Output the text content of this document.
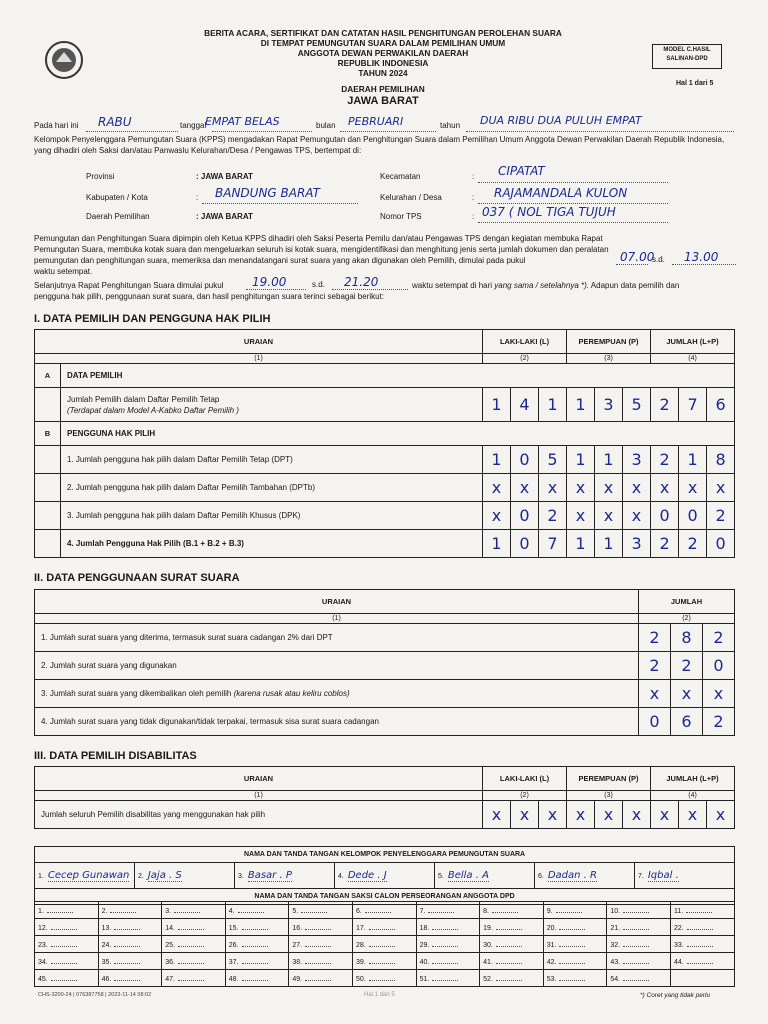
BERITA ACARA, SERTIFIKAT DAN CATATAN HASIL PENGHITUNGAN PEROLEHAN SUARA
DI TEMPAT PEMUNGUTAN SUARA DALAM PEMILIHAN UMUM
ANGGOTA DEWAN PERWAKILAN DAERAH
REPUBLIK INDONESIA
TAHUN 2024
MODEL C.HASIL
SALINAN-DPD
Hal 1 dari 5
DAERAH PEMILIHAN
JAWA BARAT
Pada hari ini RABU	tanggal
EMPAT BELAS	bulan PEBRUARI	tahun DUA RIBU DUA PULUH EMPAT
Kelompok Penyelenggara Pemungutan Suara (KPPS) mengadakan Rapat Pemungutan dan Penghitungan Suara dalam Pemilihan Umum Anggota Dewan Perwakilan Daerah Republik Indonesia, yang dihadiri oleh Saksi dan/atau Panwaslu Kelurahan/Desa / Pengawas TPS, bertempat di:
Provinsi	: JAWA BARAT
Kabupaten / Kota	: BANDUNG BARAT
Daerah Pemilihan	: JAWA BARAT
Kecamatan	: CIPATAT
Kelurahan / Desa	: RAJAMANDALA KULON
Nomor TPS	: 037 ( NOL TIGA TUJUH
Pemungutan dan Penghitungan Suara dipimpin oleh Ketua KPPS dihadiri oleh Saksi Peserta Pemilu dan/atau Pengawas TPS dengan kegiatan membuka Rapat
Pemungutan Suara, membuka kotak suara dan mengeluarkan seluruh isi kotak suara, mengidentifikasi dan menghitung jenis serta jumlah dokumen dan peralatan
pemungutan dan penghitungan suara, memeriksa dan menandatangani surat suara yang akan digunakan oleh Pemilih, dimulai pada pukul	07.00
s.d. 13.00
waktu setempat.
Selanjutnya Rapat Penghitungan Suara dimulai pukul 19.00	s.d. 21.20	waktu setempat di hari yang sama / setelahnya *). Adapun data pemilih dan
pengguna hak pilih, penggunaan surat suara, dan hasil penghitungan suara terinci sebagai berikut:
I. DATA PEMILIH DAN PENGGUNA HAK PILIH
URAIAN		LAKI-LAKI (L)			PEREMPUAN (P)			JUMLAH (L+P)		
(1)		(2)			(3)			(4)		
A	DATA PEMILIH									

	Jumlah Pemilih dalam Daftar Pemilih Tetap
(Terdapat dalam Model A-Kabko Daftar Pemilih )	1	4	1	1	3	5	2	7	6
B	PENGGUNA HAK PILIH									
	1. Jumlah pengguna hak pilih dalam Daftar Pemilih Tetap (DPT)	1	0	5	1	1	3	2	1	8
	2. Jumlah pengguna hak pilih dalam Daftar Pemilih Tambahan (DPTb)	x	x	x	x	x	x	x	x	x
	3. Jumlah pengguna hak pilih dalam Daftar Pemilih Khusus (DPK)	x	0	2	x	x	x	0	0	2
	4. Jumlah Pengguna Hak Pilih (B.1 + B.2 + B.3)	1	0	7	1	1	3	2	2	0
II. DATA PENGGUNAAN SURAT SUARA
URAIAN	JUMLAH		
(1)	(2)		
1. Jumlah surat suara yang diterima, termasuk surat suara cadangan 2% dari DPT	2	8	2
2. Jumlah surat suara yang digunakan	2	2	0
3. Jumlah surat suara yang dikembalikan oleh pemilih (karena rusak atau keliru coblos)	x	x	x
4. Jumlah surat suara yang tidak digunakan/tidak terpakai, termasuk sisa surat suara cadangan	0	6	2
III. DATA PEMILIH DISABILITAS
URAIAN	LAKI-LAKI (L)			PEREMPUAN (P)			JUMLAH (L+P)		
(1)	(2)			(3)			(4)		
Jumlah seluruh Pemilih disabilitas yang menggunakan hak pilih	x	x	x	x	x	x	x	x	x
NAMA DAN TANDA TANGAN KELOMPOK PENYELENGGARA PEMUNGUTAN SUARA
1. Cecep Gunawan	2. Jaja . S	3. Basar . P	4. Dede . J	5. Bella . A	6. Dadan . R	7. Iqbal .
NAMA DAN TANDA TANGAN SAKSI CALON PERSEORANGAN ANGGOTA DPD
1.	2.	3.	4.	5.	6.	7.	8.	9.	10.	11.
12.	13.	14.	15.	16.	17.	18.	19.	20.	21.	22.
23.	24.	25.	26.	27.	28.	29.	30.	31.	32.	33.
34.	35.	36.	37.	38.	39.	40.	41.	42.	43.	44.
45.	46.	47.	48.	49.	50.	51.	52.	53.	54.	
CHS-3200-24 | 076387758 | 2023-11-14 08:02	Hal 1 dari 5	*) Coret yang tidak perlu
